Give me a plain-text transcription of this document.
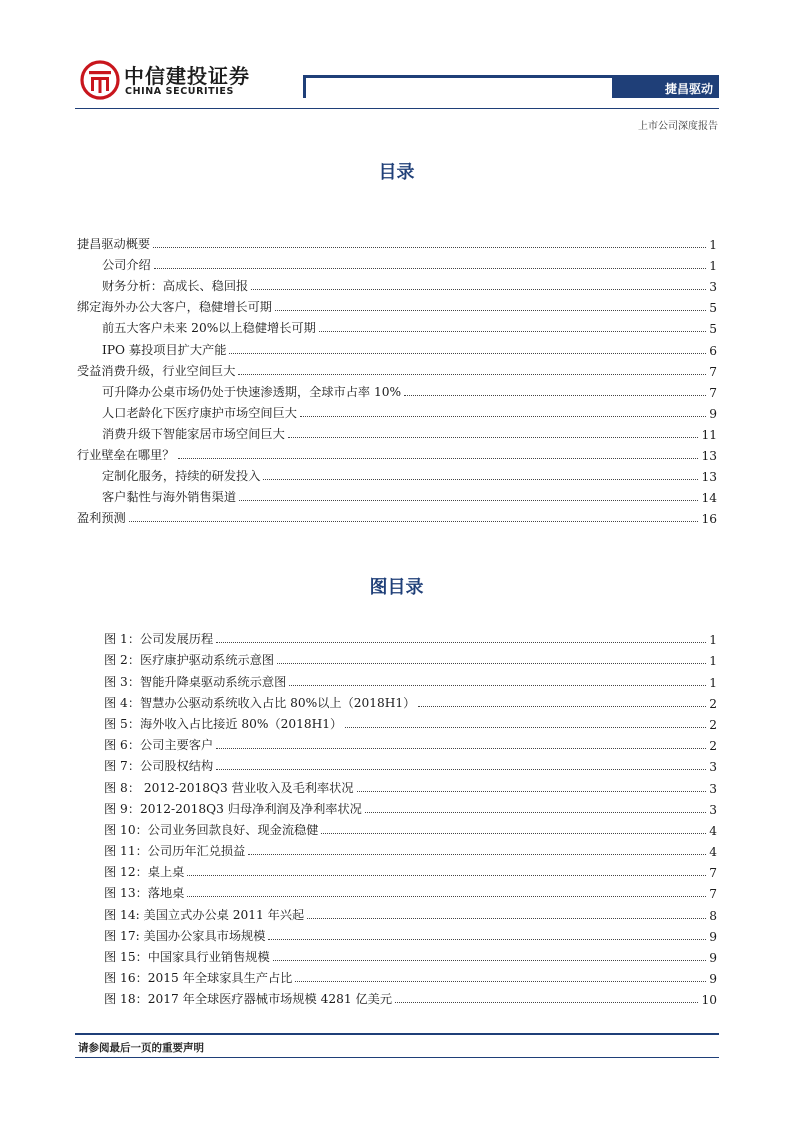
中信建投证券
CHINA SECURITIES	捷昌驱动
上市公司深度报告
目录
捷昌驱动概要	1
公司介绍	1
财务分析：高成长、稳回报	3
绑定海外办公大客户，稳健增长可期	5
前五大客户未来 20%以上稳健增长可期	5
IPO 募投项目扩大产能	6
受益消费升级，行业空间巨大	7
可升降办公桌市场仍处于快速渗透期，全球市占率 10%	7
人口老龄化下医疗康护市场空间巨大	9
消费升级下智能家居市场空间巨大	11
行业壁垒在哪里？	13
定制化服务，持续的研发投入	13
客户黏性与海外销售渠道	14
盈利预测	16
图目录
图 1：公司发展历程	1
图 2：医疗康护驱动系统示意图	1
图 3：智能升降桌驱动系统示意图	1
图 4：智慧办公驱动系统收入占比 80%以上（2018H1）	2
图 5：海外收入占比接近 80%（2018H1）	2
图 6：公司主要客户	2
图 7：公司股权结构	3
图 8： 2012-2018Q3 营业收入及毛利率状况	3
图 9：2012-2018Q3 归母净利润及净利率状况	3
图 10：公司业务回款良好、现金流稳健	4
图 11：公司历年汇兑损益	4
图 12：桌上桌	7
图 13：落地桌	7
图 14: 美国立式办公桌 2011 年兴起	8
图 17: 美国办公家具市场规模	9
图 15：中国家具行业销售规模	9
图 16：2015 年全球家具生产占比	9
图 18：2017 年全球医疗器械市场规模 4281 亿美元	10
请参阅最后一页的重要声明
